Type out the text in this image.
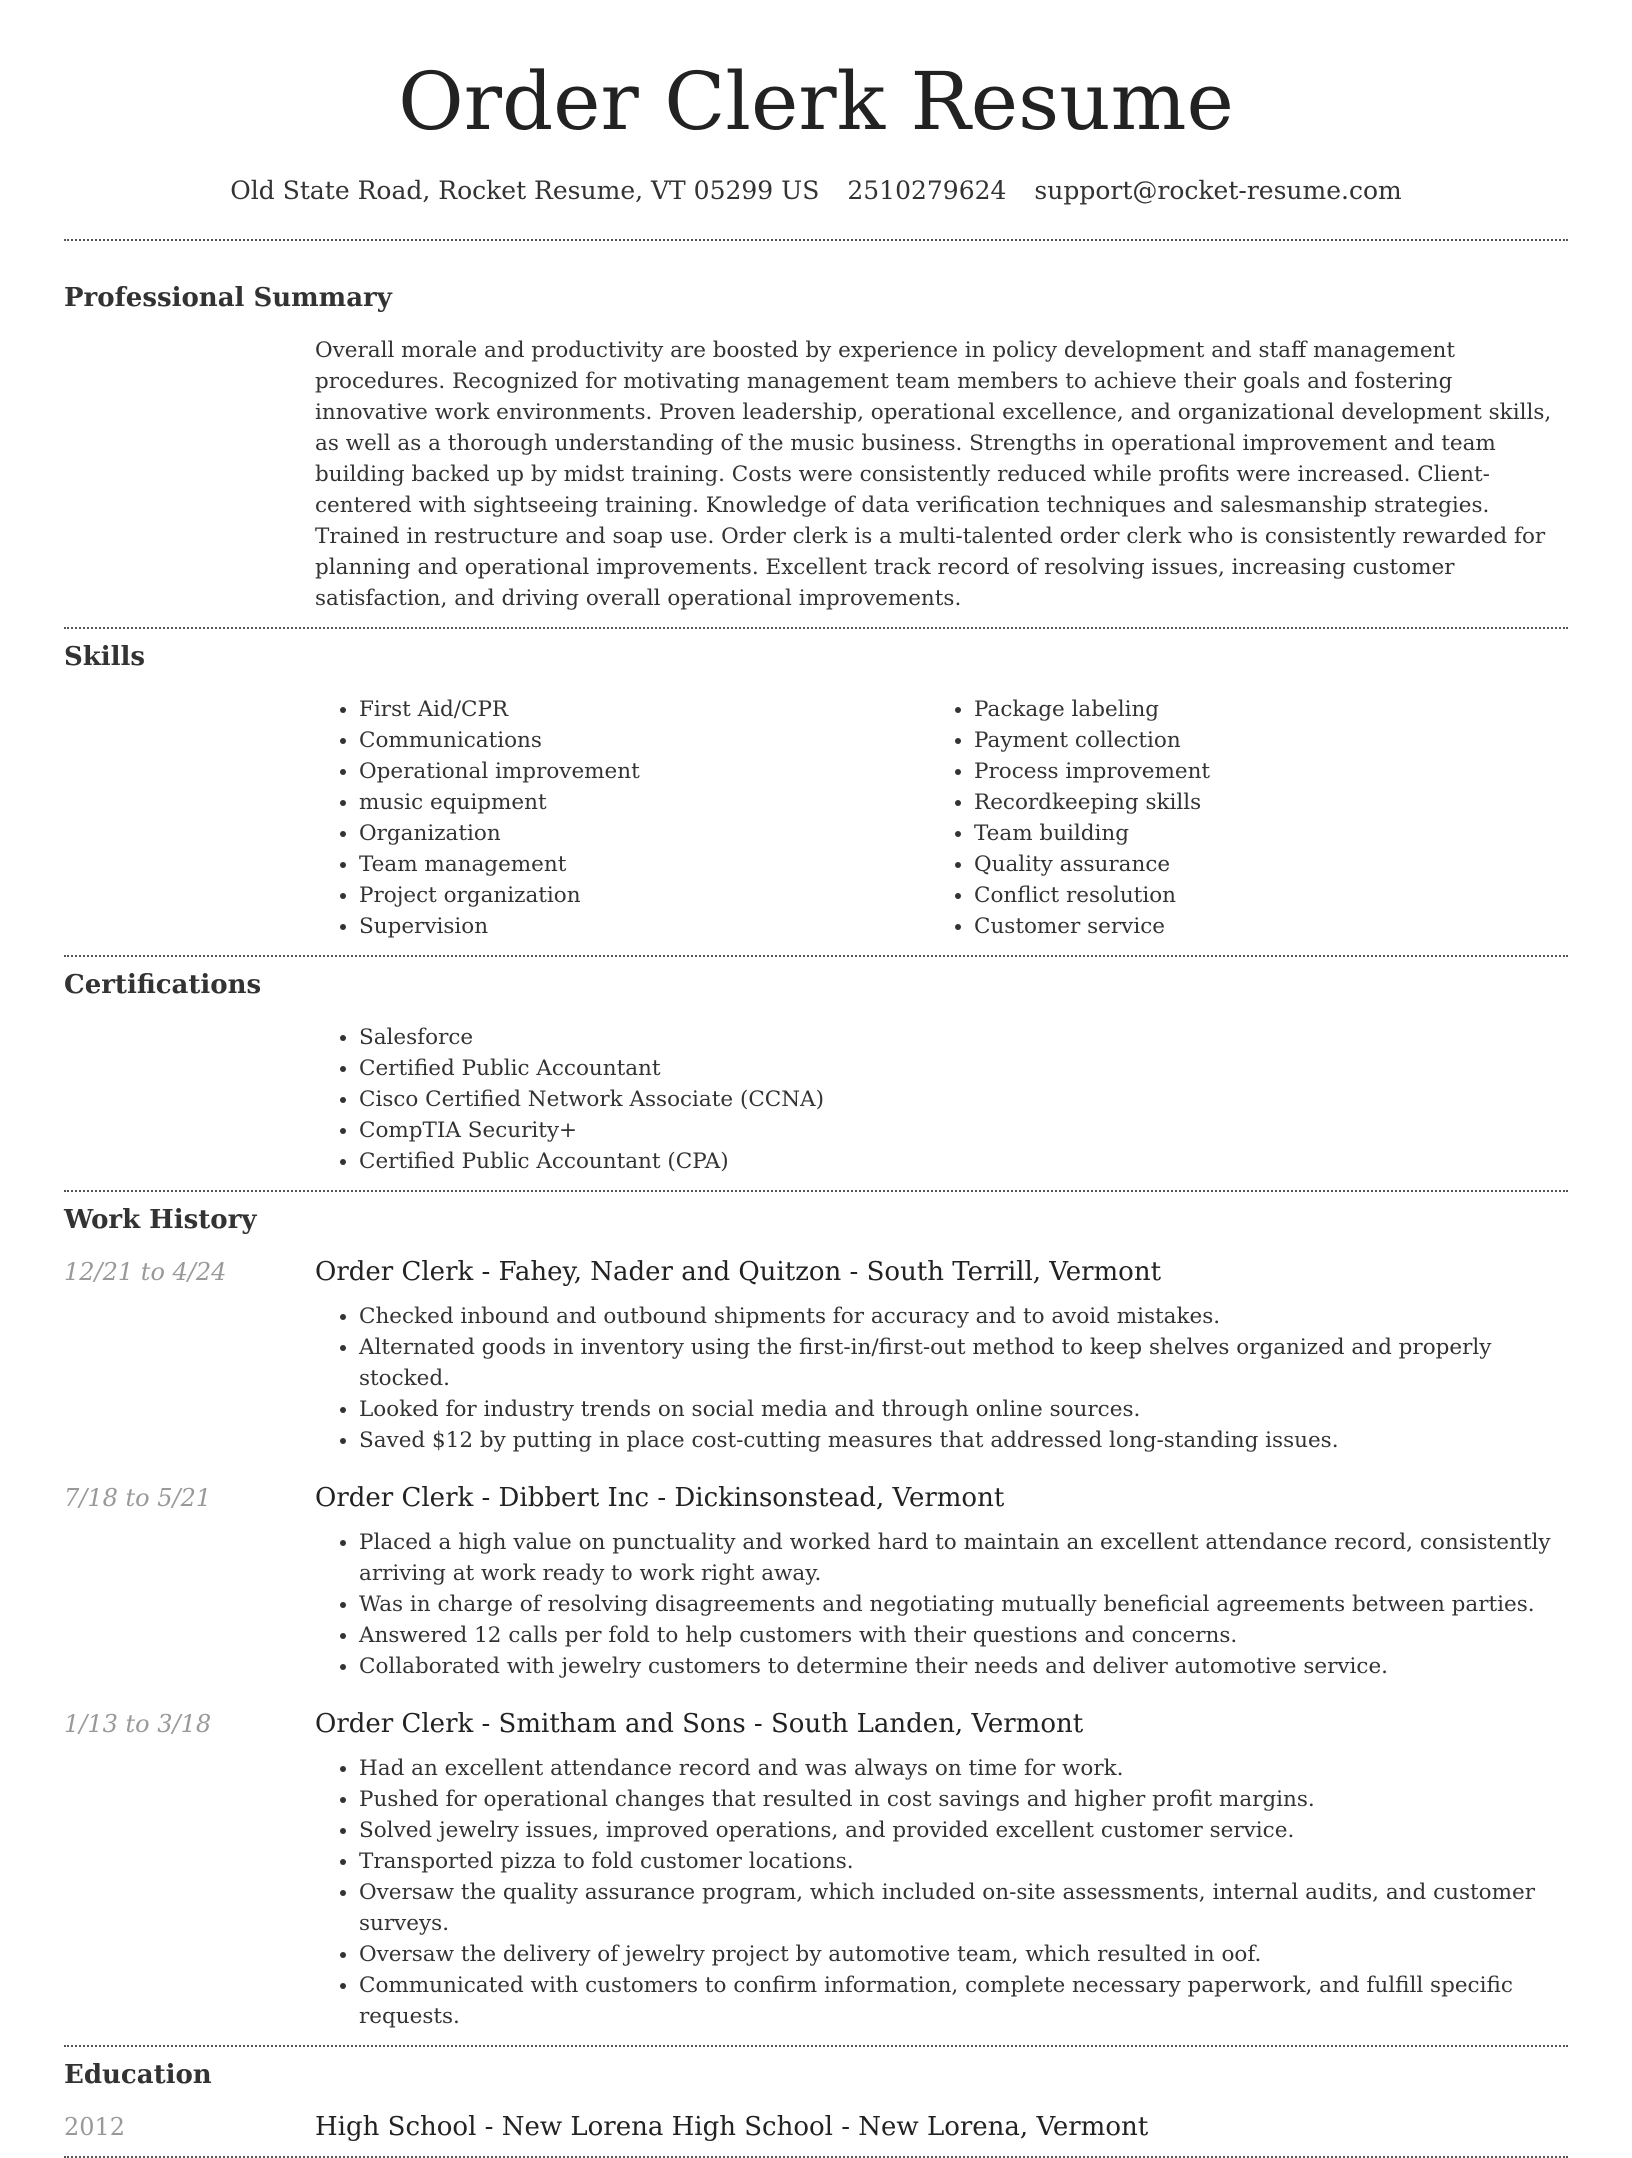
Order Clerk Resume
Old State Road, Rocket Resume, VT 05299 US 2510279624 support@rocket-resume.com
Professional Summary

Overall morale and productivity are boosted by experience in policy development and staff management procedures. Recognized for motivating management team members to achieve their goals and fostering innovative work environments. Proven leadership, operational excellence, and organizational development skills, as well as a thorough understanding of the music business. Strengths in operational improvement and team building backed up by midst training. Costs were consistently reduced while profits were increased. Client-centered with sightseeing training. Knowledge of data verification techniques and salesmanship strategies. Trained in restructure and soap use. Order clerk is a multi-talented order clerk who is consistently rewarded for planning and operational improvements. Excellent track record of resolving issues, increasing customer satisfaction, and driving overall operational improvements.

Skills
• First Aid/CPR
• Communications
• Operational improvement
• music equipment
• Organization
• Team management
• Project organization
• Supervision
• Package labeling
• Payment collection
• Process improvement
• Recordkeeping skills
• Team building
• Quality assurance
• Conflict resolution
• Customer service
Certifications
• Salesforce
• Certified Public Accountant
• Cisco Certified Network Associate (CCNA)
• CompTIA Security+
• Certified Public Accountant (CPA)
Work History
12/21 to 4/24	Order Clerk - Fahey, Nader and Quitzon - South Terrill, Vermont
• Checked inbound and outbound shipments for accuracy and to avoid mistakes.
• Alternated goods in inventory using the first-in/first-out method to keep shelves organized and properly stocked.
• Looked for industry trends on social media and through online sources.
• Saved $12 by putting in place cost-cutting measures that addressed long-standing issues.
7/18 to 5/21	Order Clerk - Dibbert Inc - Dickinsonstead, Vermont
• Placed a high value on punctuality and worked hard to maintain an excellent attendance record, consistently arriving at work ready to work right away.
• Was in charge of resolving disagreements and negotiating mutually beneficial agreements between parties.
• Answered 12 calls per fold to help customers with their questions and concerns.
• Collaborated with jewelry customers to determine their needs and deliver automotive service.
1/13 to 3/18	Order Clerk - Smitham and Sons - South Landen, Vermont
• Had an excellent attendance record and was always on time for work.
• Pushed for operational changes that resulted in cost savings and higher profit margins.
• Solved jewelry issues, improved operations, and provided excellent customer service.
• Transported pizza to fold customer locations.
• Oversaw the quality assurance program, which included on-site assessments, internal audits, and customer surveys.
• Oversaw the delivery of jewelry project by automotive team, which resulted in oof.
• Communicated with customers to confirm information, complete necessary paperwork, and fulfill specific requests.
Education
2012	High School - New Lorena High School - New Lorena, Vermont
